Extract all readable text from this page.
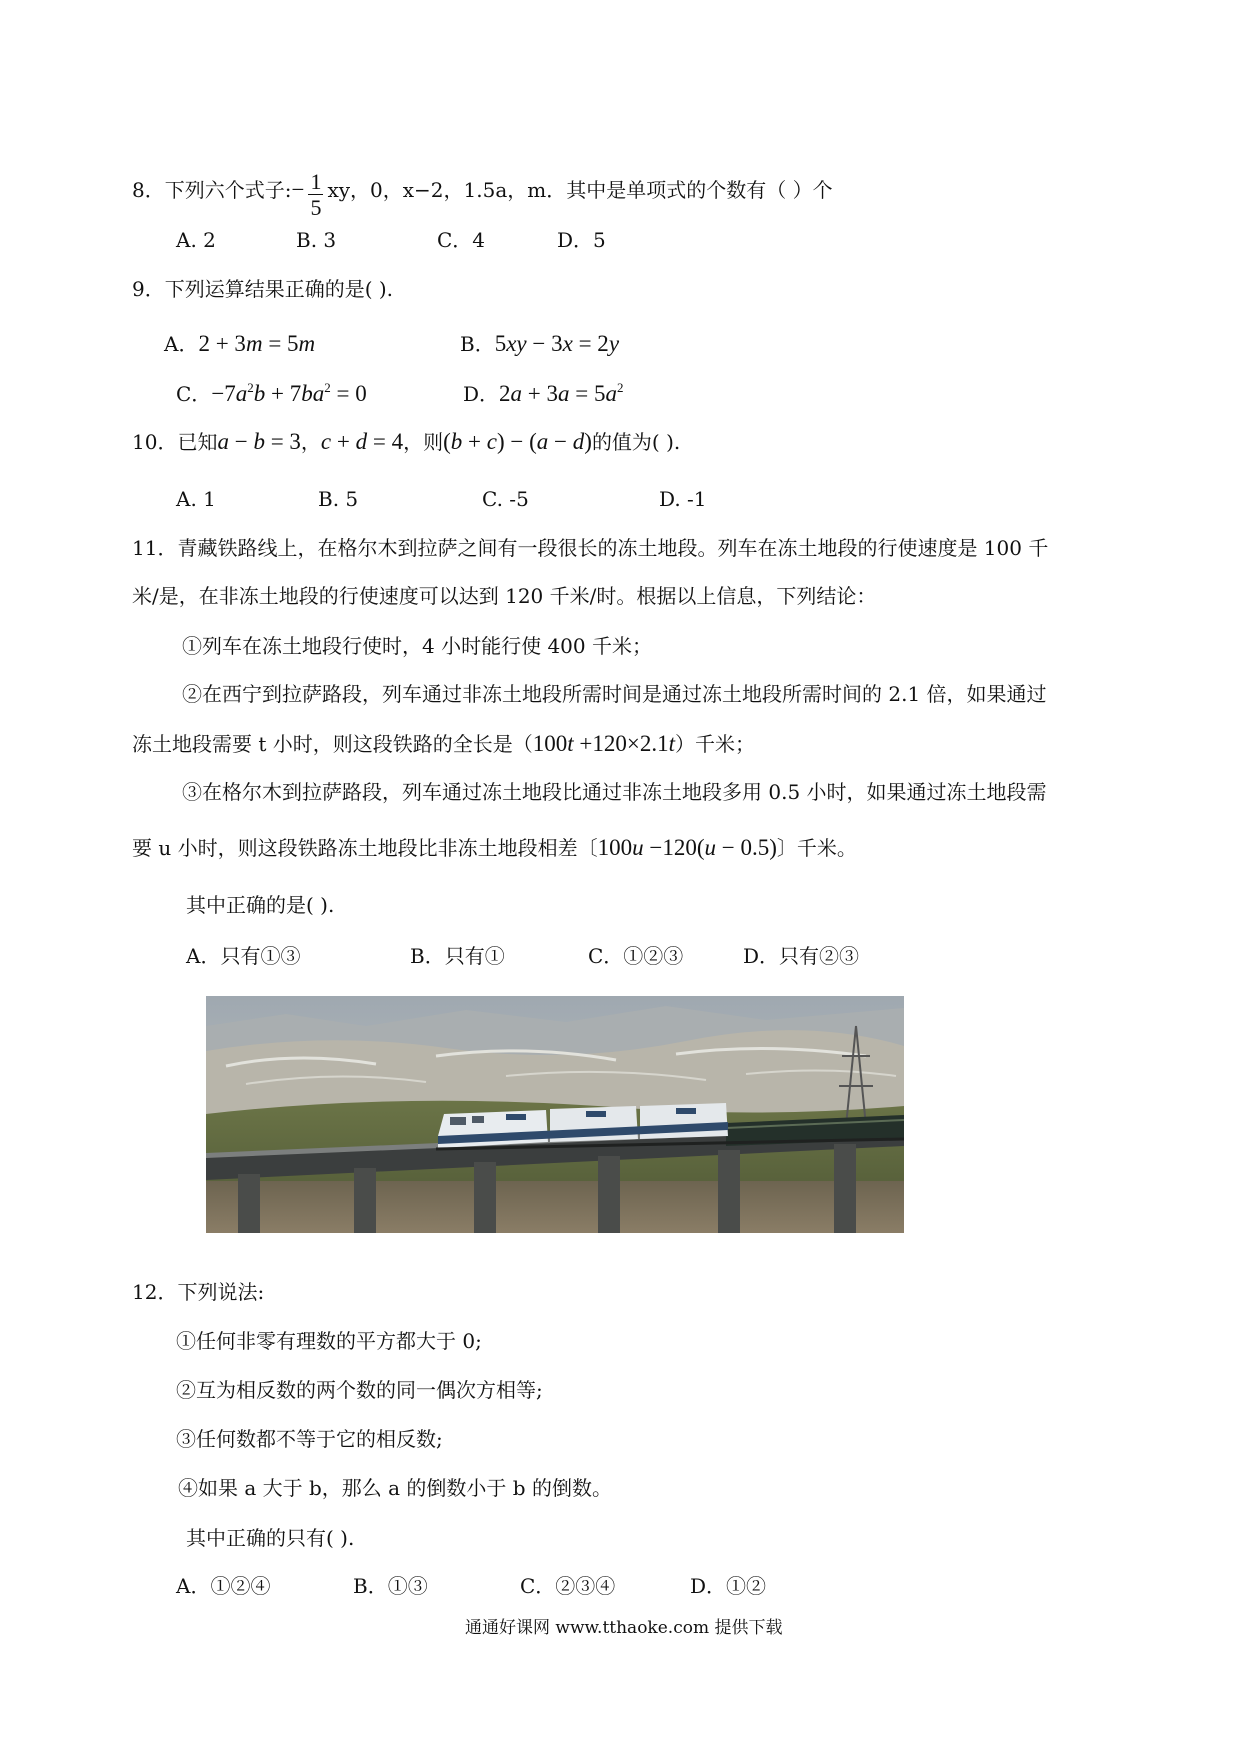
8．下列六个式子:− $\frac{1}{5}$ xy，0，x−2，1.5a，m．其中是单项式的个数有（ ）个
A. 2	B. 3	C．4	D．5
9．下列运算结果正确的是( ).
A．2 + 3m = 5m	B．5xy − 3x = 2y
C．$-7a^2b + 7ba^2 = 0$	D．$2a + 3a = 5a^2$
10．已知a − b = 3，c + d = 4，则(b + c) − (a − d)的值为( ).
A. 1	B. 5	C. -5	D. -1
11．青藏铁路线上，在格尔木到拉萨之间有一段很长的冻土地段。列车在冻土地段的行使速度是 100 千
米/是，在非冻土地段的行使速度可以达到 120 千米/时。根据以上信息，下列结论：
①列车在冻土地段行使时，4 小时能行使 400 千米；
②在西宁到拉萨路段，列车通过非冻土地段所需时间是通过冻土地段所需时间的 2.1 倍，如果通过
冻土地段需要 t 小时，则这段铁路的全长是（100t +120×2.1t）千米；
③在格尔木到拉萨路段，列车通过冻土地段比通过非冻土地段多用 0.5 小时，如果通过冻土地段需
要 u 小时，则这段铁路冻土地段比非冻土地段相差〔100u −120(u − 0.5)〕千米。
其中正确的是( ).
A．只有①③	B．只有①	C．①②③	D．只有②③
12．下列说法:
①任何非零有理数的平方都大于 0;
②互为相反数的两个数的同一偶次方相等;
③任何数都不等于它的相反数;
④如果 a 大于 b，那么 a 的倒数小于 b 的倒数。
其中正确的只有( ).
A．①②④	B．①③	C．②③④	D．①②
通通好课网 www.tthaoke.com 提供下载
